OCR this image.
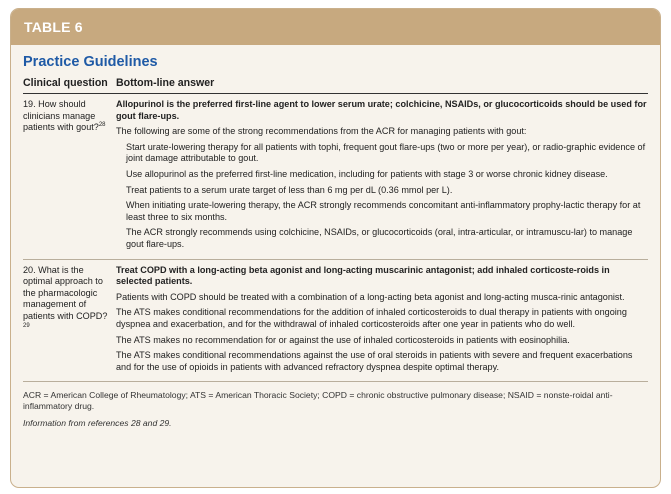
TABLE 6
Practice Guidelines
Clinical question Bottom-line answer
19. How should clinicians manage patients with gout?$^{28}$

Allopurinol is the preferred first-line agent to lower serum urate; colchicine, NSAIDs, or glucocorticoids should be used for gout flare-ups.

The following are some of the strong recommendations from the ACR for managing patients with gout:

Start urate-lowering therapy for all patients with tophi, frequent gout flare-ups (two or more per year), or radio-graphic evidence of joint damage attributable to gout.

Use allopurinol as the preferred first-line medication, including for patients with stage 3 or worse chronic kidney disease.

Treat patients to a serum urate target of less than 6 mg per dL (0.36 mmol per L).

When initiating urate-lowering therapy, the ACR strongly recommends concomitant anti-inflammatory prophy-lactic therapy for at least three to six months.

The ACR strongly recommends using colchicine, NSAIDs, or glucocorticoids (oral, intra-articular, or intramuscu-lar) to manage gout flare-ups.

20. What is the optimal approach to the pharmacologic management of patients with COPD?$^{29}$

Treat COPD with a long-acting beta agonist and long-acting muscarinic antagonist; add inhaled corticoste-roids in selected patients.

Patients with COPD should be treated with a combination of a long-acting beta agonist and long-acting musca-rinic antagonist.

The ATS makes conditional recommendations for the addition of inhaled corticosteroids to dual therapy in patients with ongoing dyspnea and exacerbation, and for the withdrawal of inhaled corticosteroids after one year in patients who do well.

The ATS makes no recommendation for or against the use of inhaled corticosteroids in patients with eosinophilia.

The ATS makes conditional recommendations against the use of oral steroids in patients with severe and frequent exacerbations and for the use of opioids in patients with advanced refractory dyspnea despite optimal therapy.

ACR = American College of Rheumatology; ATS = American Thoracic Society; COPD = chronic obstructive pulmonary disease; NSAID = nonste-roidal anti-inflammatory drug.

Information from references 28 and 29.
